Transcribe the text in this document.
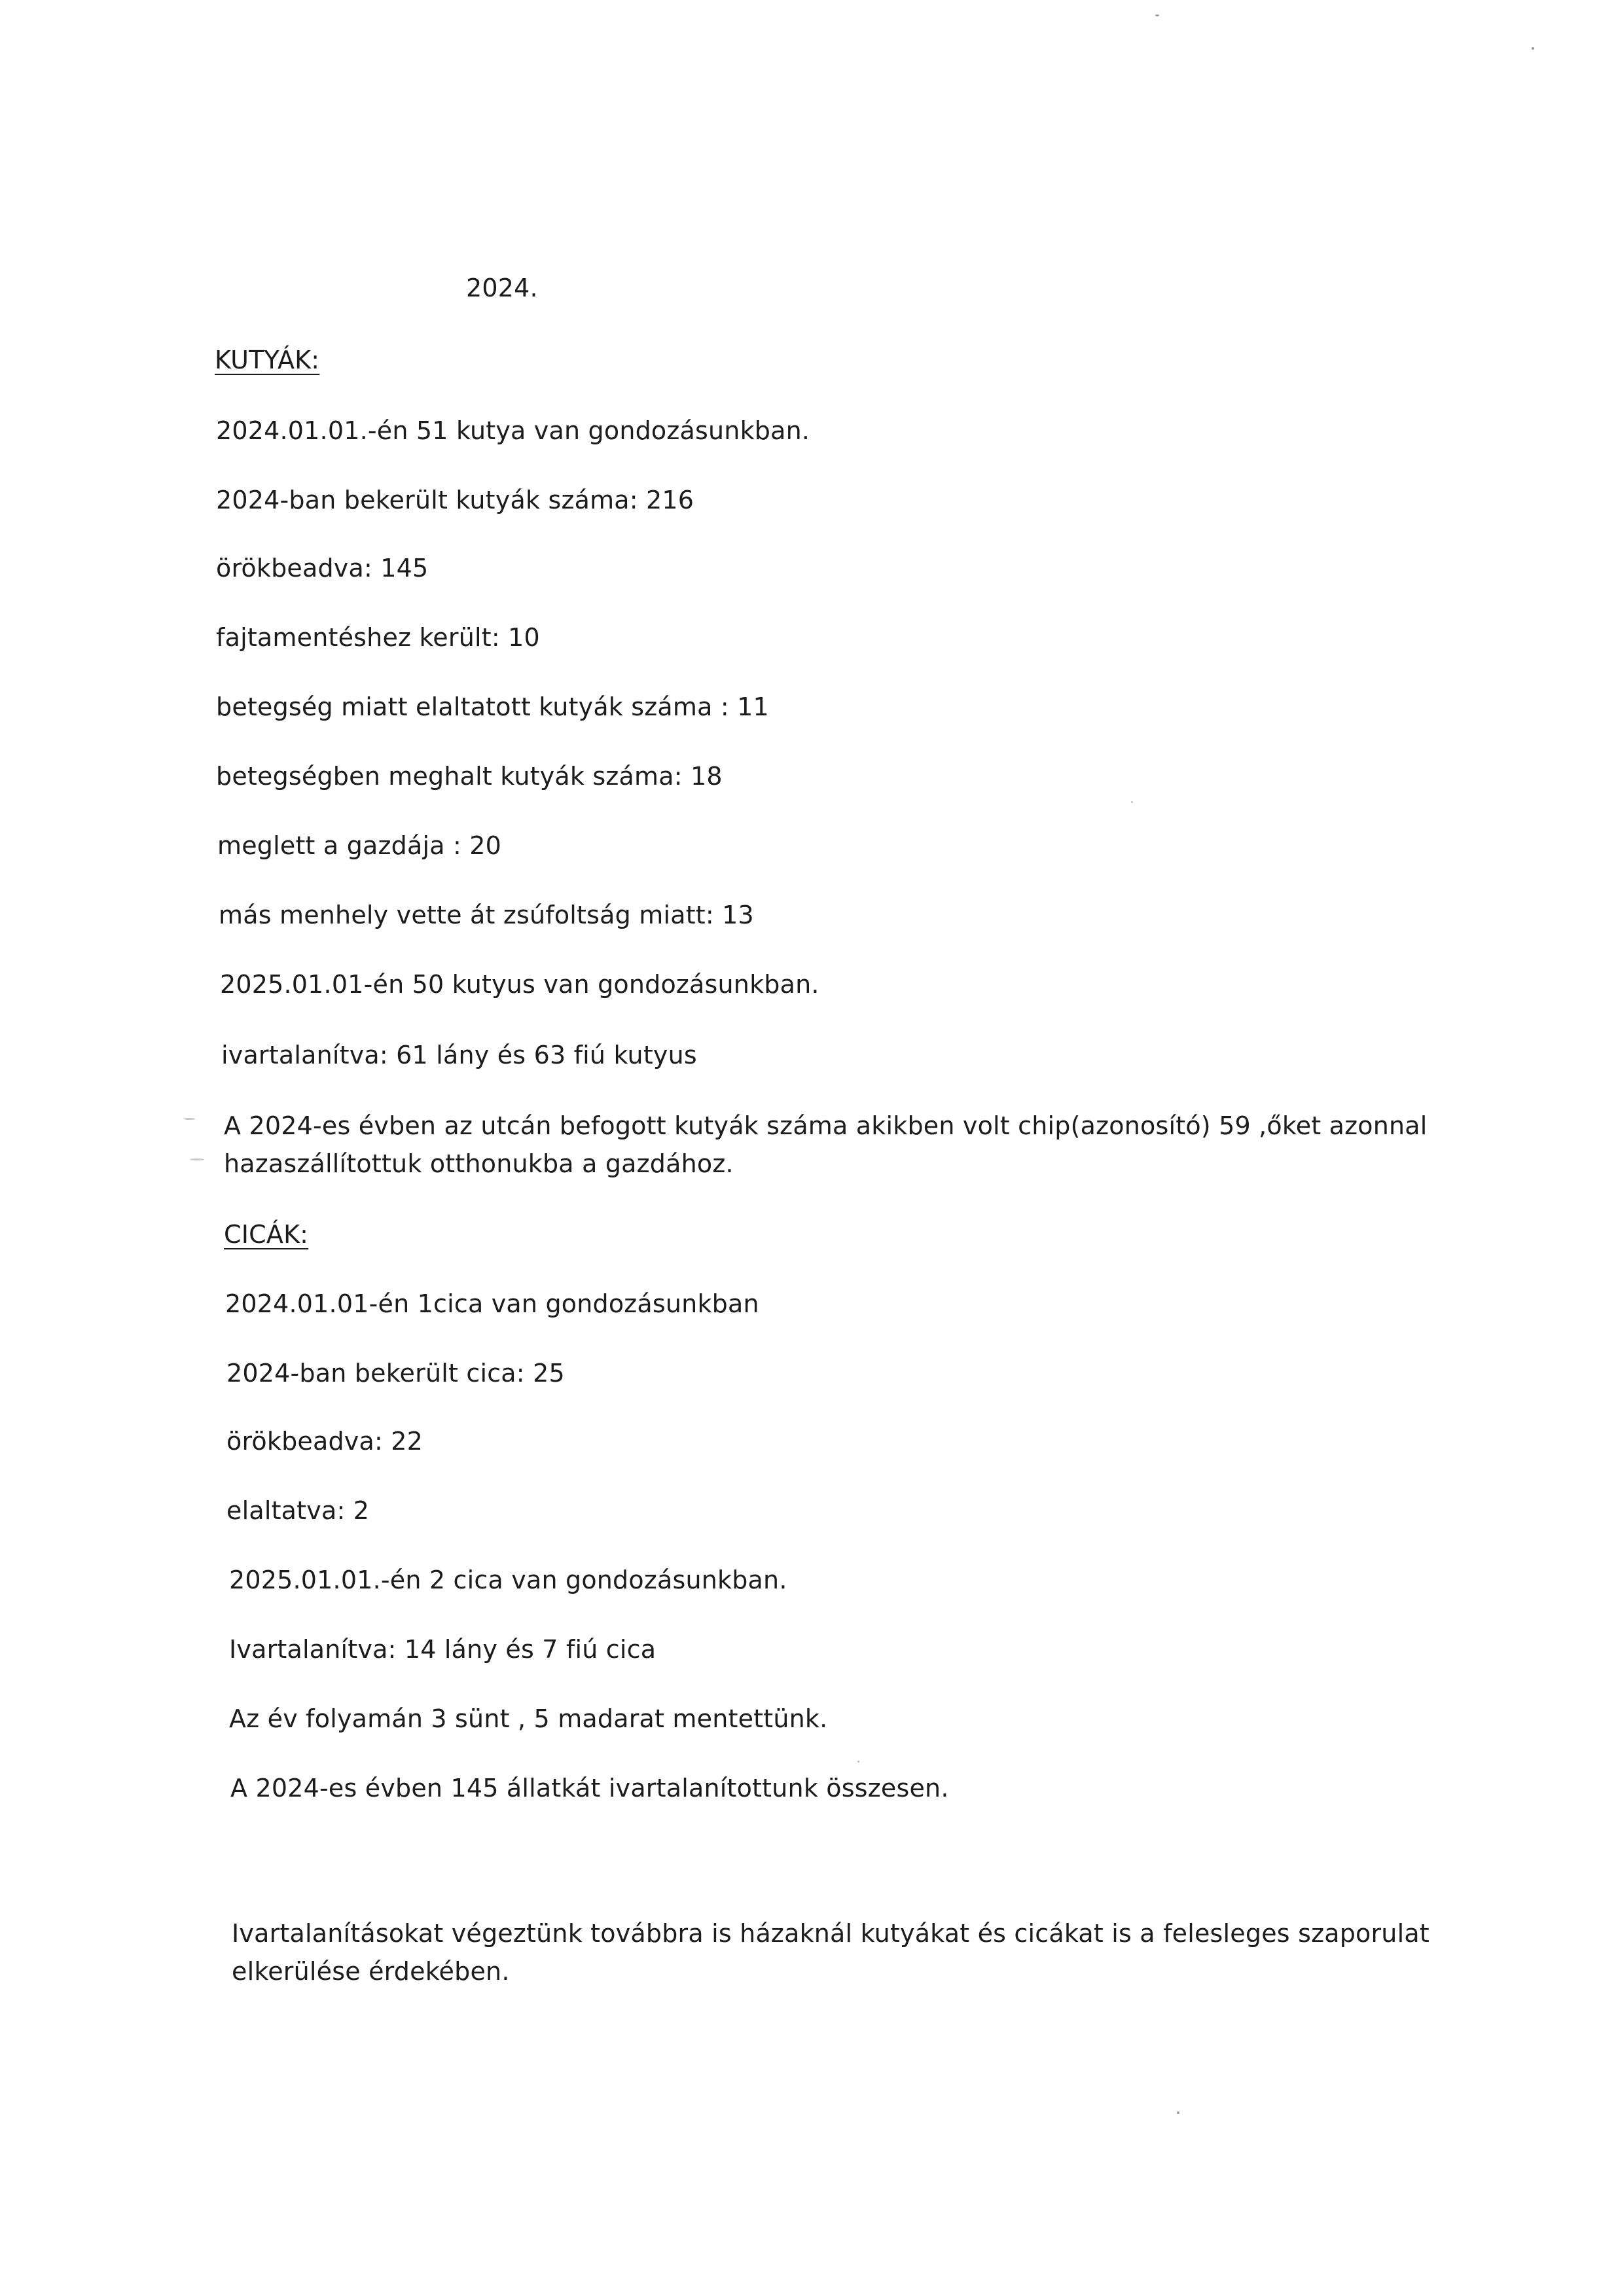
2024.
KUTYÁK:
2024.01.01.-én 51 kutya van gondozásunkban.
2024-ban bekerült kutyák száma: 216
örökbeadva: 145
fajtamentéshez került: 10
betegség miatt elaltatott kutyák száma : 11
betegségben meghalt kutyák száma: 18
meglett a gazdája : 20
más menhely vette át zsúfoltság miatt: 13
2025.01.01-én 50 kutyus van gondozásunkban.
ivartalanítva: 61 lány és 63 fiú kutyus
A 2024-es évben az utcán befogott kutyák száma akikben volt chip(azonosító) 59 ,őket azonnal
hazaszállítottuk otthonukba a gazdához.
CICÁK:
2024.01.01-én 1cica van gondozásunkban
2024-ban bekerült cica: 25
örökbeadva: 22
elaltatva: 2
2025.01.01.-én 2 cica van gondozásunkban.
Ivartalanítva: 14 lány és 7 fiú cica
Az év folyamán 3 sünt , 5 madarat mentettünk.
A 2024-es évben 145 állatkát ivartalanítottunk összesen.
Ivartalanításokat végeztünk továbbra is házaknál kutyákat és cicákat is a felesleges szaporulat
elkerülése érdekében.
